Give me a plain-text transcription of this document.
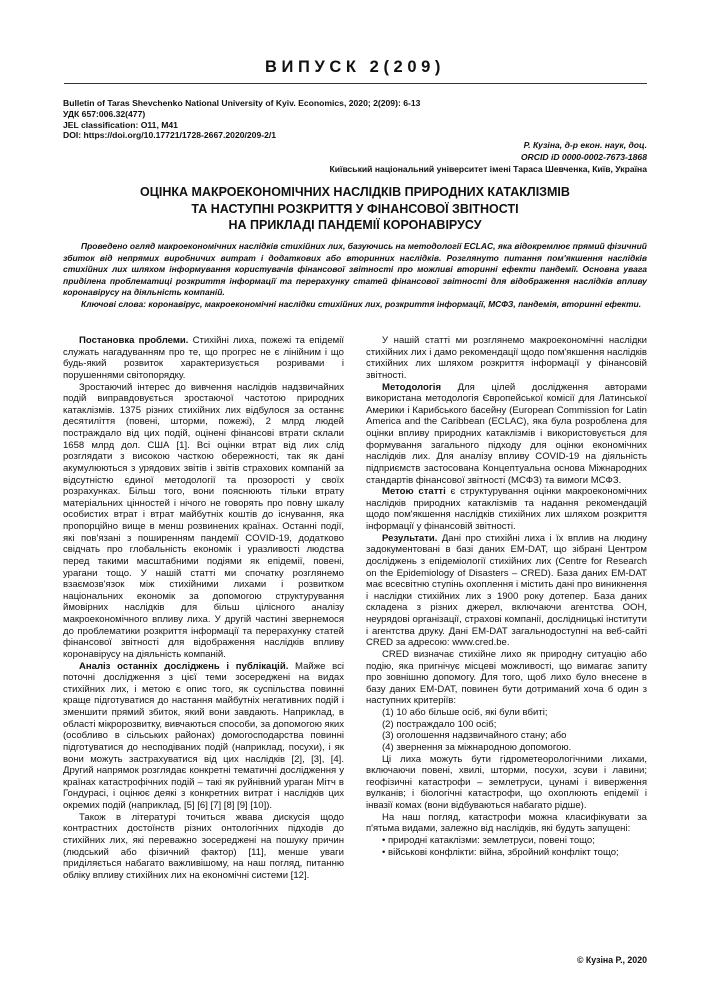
ВИПУСК 2(209)
Bulletin of Taras Shevchenko National University of Kyiv. Economics, 2020; 2(209): 6-13
УДК 657:006.32(477)
JEL classification: O11, M41
DOI: https://doi.org/10.17721/1728-2667.2020/209-2/1
Р. Кузіна, д-р екон. наук, доц.
ORCID iD 0000-0002-7673-1868
Київський національний університет імені Тараса Шевченка, Київ, Україна
ОЦІНКА МАКРОЕКОНОМІЧНИХ НАСЛІДКІВ ПРИРОДНИХ КАТАКЛІЗМІВ
ТА НАСТУПНІ РОЗКРИТТЯ У ФІНАНСОВОЇ ЗВІТНОСТІ
НА ПРИКЛАДІ ПАНДЕМІЇ КОРОНАВІРУСУ

Проведено огляд макроекономічних наслідків стихійних лих, базуючись на методології ECLAC, яка відокремлює прямий фізичний збиток від непрямих виробничих витрат і додаткових або вторинних наслідків. Розглянуто питання пом'якшення наслідків стихійних лих шляхом інформування користувачів фінансової звітності про можливі вторинні ефекти пандемії. Основна увага приділена проблематиці розкриття інформації та перерахунку статей фінансової звітності для відображення наслідків впливу коронавірусу на діяльність компаній.

Ключові слова: коронавірус, макроекономічні наслідки стихійних лих, розкриття інформації, МСФЗ, пандемія, вторинні ефекти.

Постановка проблеми. Стихійні лиха, пожежі та епідемії служать нагадуванням про те, що прогрес не є лінійним і що будь-який розвиток характеризується розривами і порушеннями світопорядку.

Зростаючий інтерес до вивчення наслідків надзвичайних подій виправдовується зростаючої частотою природних катаклізмів. 1375 різних стихійних лих відбулося за останнє десятиліття (повені, шторми, пожежі), 2 млрд людей постраждало від цих подій, оцінені фінансові втрати склали 1658 млрд дол. США [1]. Всі оцінки втрат від лих слід розглядати з високою часткою обережності, так як дані акумулюються з урядових звітів і звітів страхових компаній за відсутністю єдиної методології та прозорості у своїх розрахунках. Більш того, вони пояснюють тільки втрату матеріальних цінностей і нічого не говорять про повну шкалу особистих втрат і втрат майбутніх коштів до існування, яка пропорційно вище в менш розвинених країнах. Останні події, які пов'язані з поширенням пандемії COVID-19, додатково свідчать про глобальність економік і уразливості людства перед такими масштабними подіями як епідемії, повені, урагани тощо. У нашій статті ми спочатку розглянемо взаємозв'язок між стихійними лихами і розвитком національних економік за допомогою структурування ймовірних наслідків для більш цілісного аналізу макроекономічного впливу лиха. У другій частині звернемося до проблематики розкриття інформації та перерахунку статей фінансової звітності для відображення наслідків впливу коронавірусу на діяльність компаній.

Аналіз останніх досліджень і публікацій. Майже всі поточні дослідження з цієї теми зосереджені на видах стихійних лих, і метою є опис того, як суспільства повинні краще підготуватися до настання майбутніх негативних подій і зменшити прямий збиток, який вони завдають. Наприклад, в області мікророзвитку, вивчаються способи, за допомогою яких (особливо в сільських районах) домогосподарства повинні підготуватися до несподіваних подій (наприклад, посухи), і як вони можуть застрахуватися від цих наслідків [2], [3], [4]. Другий напрямок розглядає конкретні тематичні дослідження у країнах катастрофічних подій – такі як руйнівний ураган Мітч в Гондурасі, і оцінює деякі з конкретних витрат і наслідків цих окремих подій (наприклад, [5] [6] [7] [8] [9] [10]).

Також в літературі точиться жвава дискусія щодо контрастних достоїнств різних онтологічних підходів до стихійних лих, які переважно зосереджені на пошуку причин (людський або фізичний фактор) [11], менше уваги приділяється набагато важливішому, на наш погляд, питанню обліку впливу стихійних лих на економічні системи [12].

У нашій статті ми розглянемо макроекономічні наслідки стихійних лих і дамо рекомендації щодо пом'якшення наслідків стихійних лих шляхом розкриття інформації у фінансовій звітності.

Методологія Для цілей дослідження авторами використана методологія Європейської комісії для Латинської Америки і Карибського басейну (European Commission for Latin America and the Caribbean (ECLAC), яка була розроблена для оцінки впливу природних катаклізмів і використовується для формування загального підходу для оцінки економічних наслідків лих. Для аналізу впливу COVID-19 на діяльність підприємств застосована Концептуальна основа Міжнародних стандартів фінансової звітності (МСФЗ) та вимоги МСФЗ.

Метою статті є структурування оцінки макроекономічних наслідків природних катаклізмів та надання рекомендацій щодо пом'якшення наслідків стихійних лих шляхом розкриття інформації у фінансовій звітності.

Результати. Дані про стихійні лиха і їх вплив на людину задокументовані в базі даних EM-DAT, що зібрані Центром досліджень з епідеміології стихійних лих (Centre for Research on the Epidemiology of Disasters – CRED). База даних EM-DAT має всесвітню ступінь охоплення і містить дані про виникнення і наслідки стихійних лих з 1900 року дотепер. База даних складена з різних джерел, включаючи агентства ООН, неурядові організації, страхові компанії, дослідницькі інститути і агентства друку. Дані EM-DAT загальнодоступні на веб-сайті CRED за адресою: www.cred.be.

CRED визначає стихійне лихо як природну ситуацію або подію, яка пригнічує місцеві можливості, що вимагає запиту про зовнішню допомогу. Для того, щоб лихо було внесене в базу даних EM-DAT, повинен бути дотриманий хоча б один з наступних критеріїв:

(1) 10 або більше осіб, які були вбиті;

(2) постраждало 100 осіб;

(3) оголошення надзвичайного стану; або

(4) звернення за міжнародною допомогою.

Ці лиха можуть бути гідрометеорологічними лихами, включаючи повені, хвилі, шторми, посухи, зсуви і лавини; геофізичні катастрофи – землетруси, цунамі і виверження вулканів; і біологічні катастрофи, що охоплюють епідемії і інвазії комах (вони відбуваються набагато рідше).

На наш погляд, катастрофи можна класифікувати за п'ятьма видами, залежно від наслідків, які будуть запущені:

• природні катаклізми: землетруси, повені тощо;

• військові конфлікти: війна, збройний конфлікт тощо;

© Кузіна Р., 2020
